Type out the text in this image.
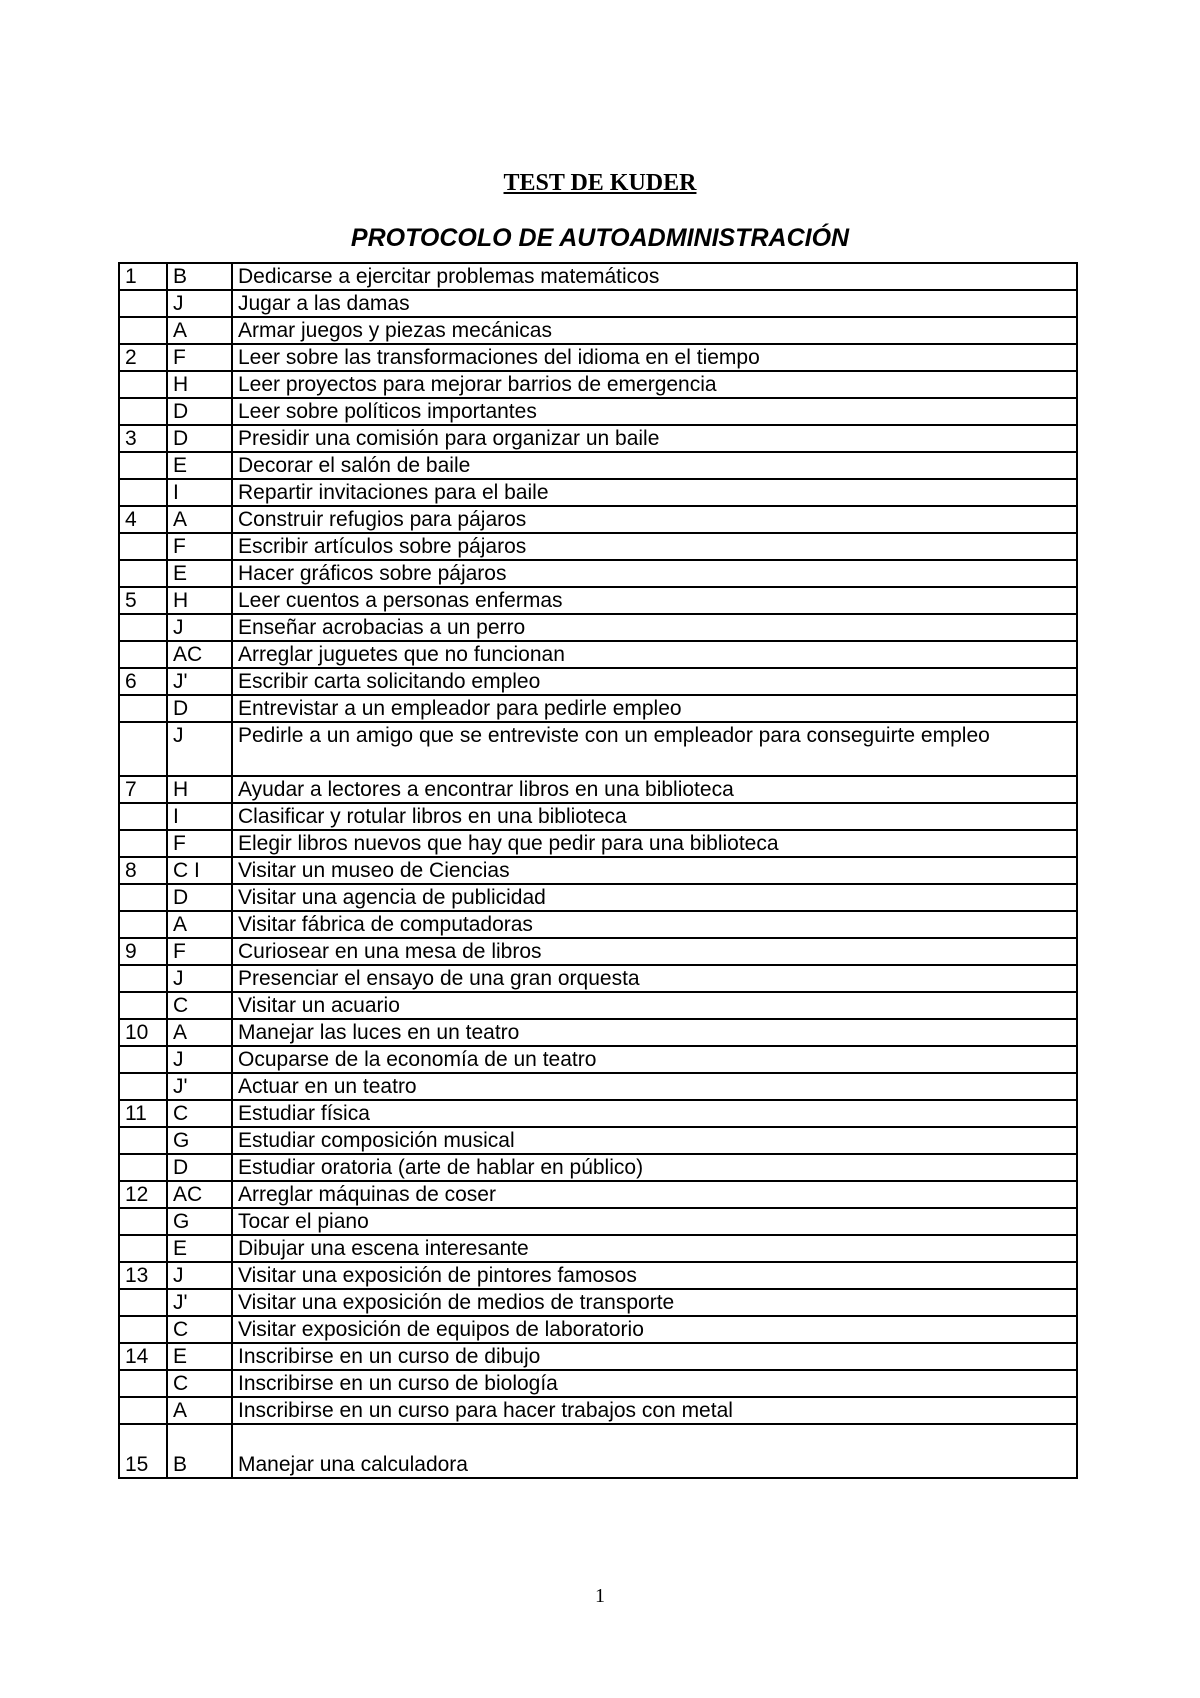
TEST DE KUDER
PROTOCOLO DE AUTOADMINISTRACIÓN
1	B	Dedicarse a ejercitar problemas matemáticos
	J	Jugar a las damas
	A	Armar juegos y piezas mecánicas
2	F	Leer sobre las transformaciones del idioma en el tiempo
	H	Leer proyectos para mejorar barrios de emergencia
	D	Leer sobre políticos importantes
3	D	Presidir una comisión para organizar un baile
	E	Decorar el salón de baile
	I	Repartir invitaciones para el baile
4	A	Construir refugios para pájaros
	F	Escribir artículos sobre pájaros
	E	Hacer gráficos sobre pájaros
5	H	Leer cuentos a personas enfermas
	J	Enseñar acrobacias a un perro
	AC	Arreglar juguetes que no funcionan
6	J'	Escribir carta solicitando empleo
	D	Entrevistar a un empleador para pedirle empleo
	J	Pedirle a un amigo que se entreviste con un empleador para conseguirte empleo
7	H	Ayudar a lectores a encontrar libros en una biblioteca
	I	Clasificar y rotular libros en una biblioteca
	F	Elegir libros nuevos que hay que pedir para una biblioteca
8	C I	Visitar un museo de Ciencias
	D	Visitar una agencia de publicidad
	A	Visitar fábrica de computadoras
9	F	Curiosear en una mesa de libros
	J	Presenciar el ensayo de una gran orquesta
	C	Visitar un acuario
10	A	Manejar las luces en un teatro
	J	Ocuparse de la economía de un teatro
	J'	Actuar en un teatro
11	C	Estudiar física
	G	Estudiar composición musical
	D	Estudiar oratoria (arte de hablar en público)
12	AC	Arreglar máquinas de coser
	G	Tocar el piano
	E	Dibujar una escena interesante
13	J	Visitar una exposición de pintores famosos
	J'	Visitar una exposición de medios de transporte
	C	Visitar exposición de equipos de laboratorio
14	E	Inscribirse en un curso de dibujo
	C	Inscribirse en un curso de biología
	A	Inscribirse en un curso para hacer trabajos con metal
15	B	Manejar una calculadora
1
